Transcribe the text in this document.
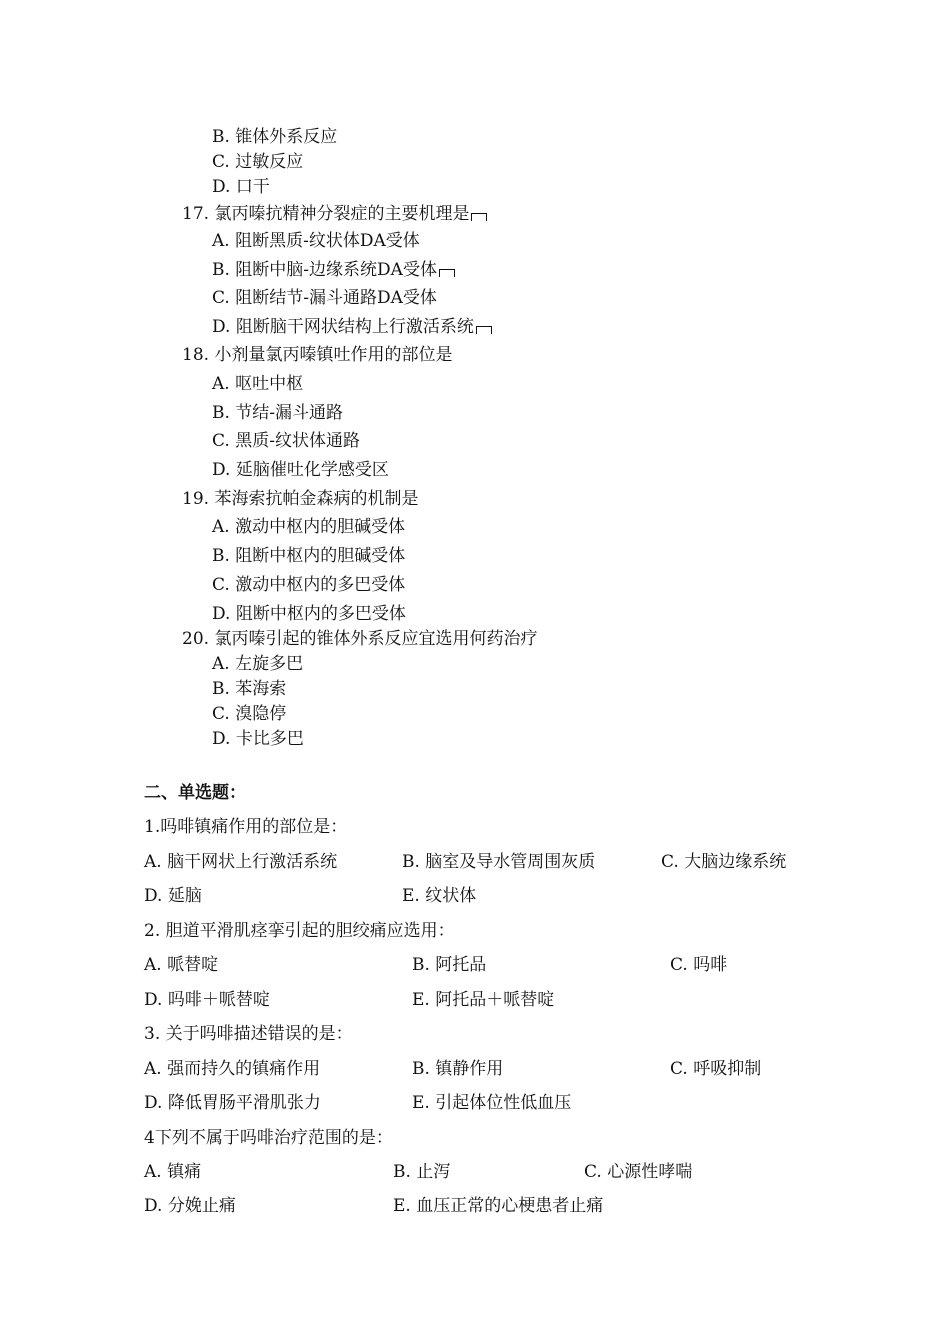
B. 锥体外系反应
C. 过敏反应
D. 口干
17. 氯丙嗪抗精神分裂症的主要机理是
A. 阻断黑质-纹状体DA受体
B. 阻断中脑-边缘系统DA受体
C. 阻断结节-漏斗通路DA受体
D. 阻断脑干网状结构上行激活系统
18. 小剂量氯丙嗪镇吐作用的部位是
A. 呕吐中枢
B. 节结-漏斗通路
C. 黑质-纹状体通路
D. 延脑催吐化学感受区
19. 苯海索抗帕金森病的机制是
A. 激动中枢内的胆碱受体
B. 阻断中枢内的胆碱受体
C. 激动中枢内的多巴受体
D. 阻断中枢内的多巴受体
20. 氯丙嗪引起的锥体外系反应宜选用何药治疗
A. 左旋多巴
B. 苯海索
C. 溴隐停
D. 卡比多巴
二、单选题：
1.吗啡镇痛作用的部位是：
A. 脑干网状上行激活系统	B. 脑室及导水管周围灰质	C. 大脑边缘系统
D. 延脑	E. 纹状体
2. 胆道平滑肌痉挛引起的胆绞痛应选用：
A. 哌替啶	B. 阿托品	C. 吗啡
D. 吗啡＋哌替啶	E. 阿托品＋哌替啶
3. 关于吗啡描述错误的是：
A. 强而持久的镇痛作用	B. 镇静作用	C. 呼吸抑制
D. 降低胃肠平滑肌张力	E. 引起体位性低血压
4下列不属于吗啡治疗范围的是：
A. 镇痛	B. 止泻	C. 心源性哮喘
D. 分娩止痛	E. 血压正常的心梗患者止痛
